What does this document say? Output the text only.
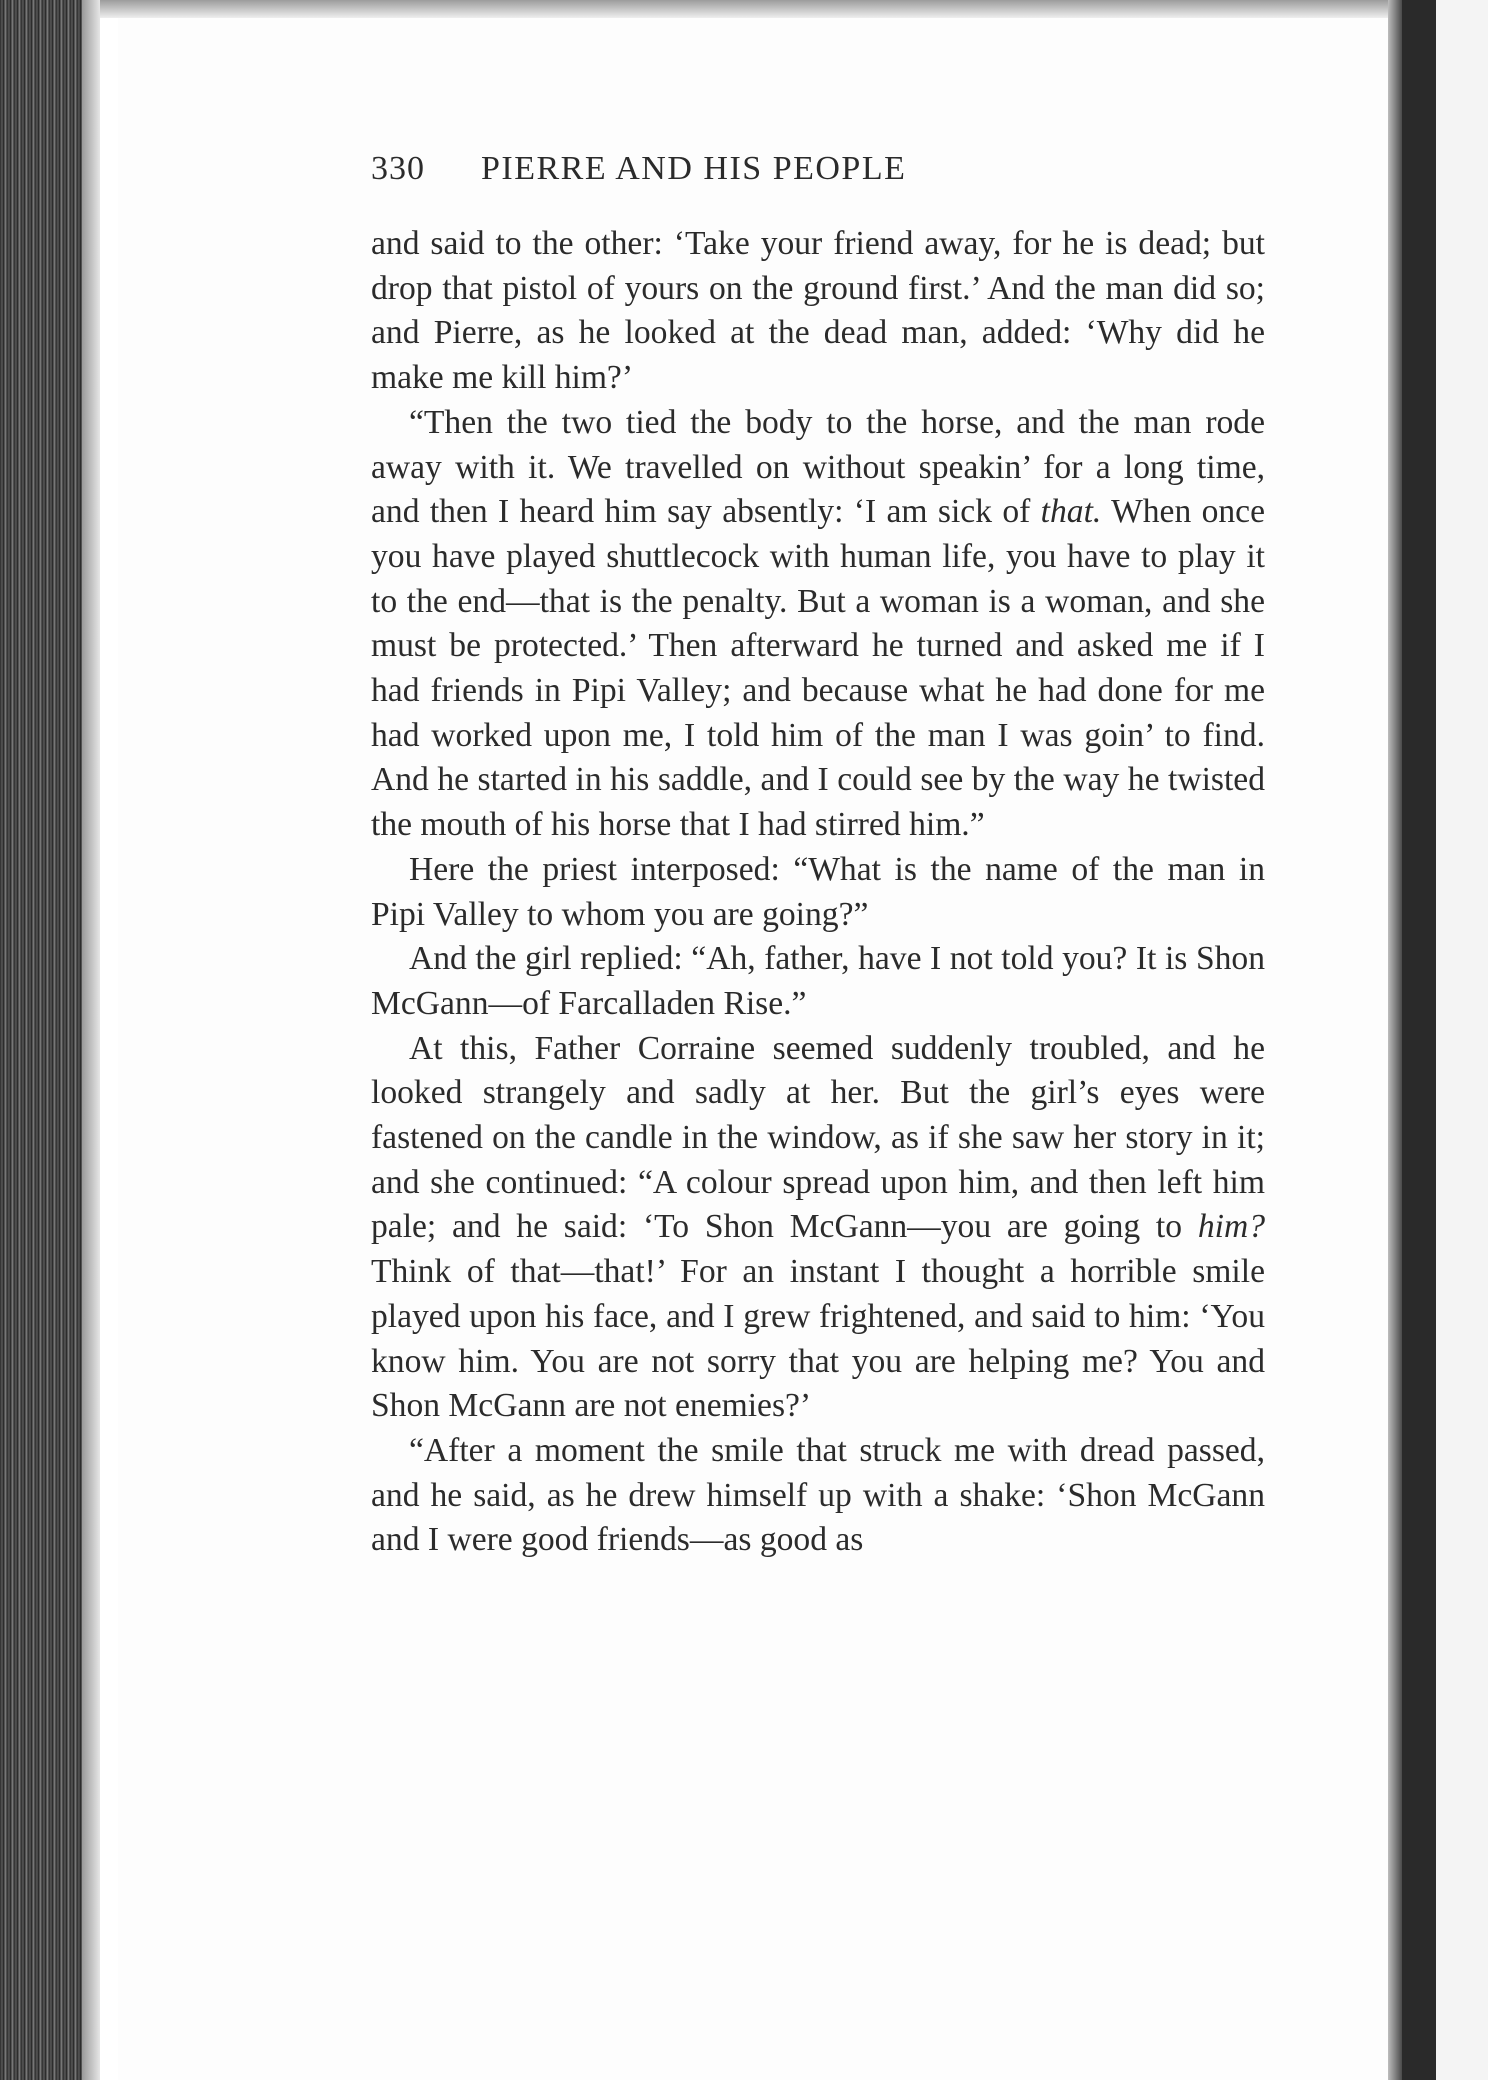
330	PIERRE AND HIS PEOPLE

and said to the other: ‘Take your friend away, for he is dead; but drop that pistol of yours on the ground first.’ And the man did so; and Pierre, as he looked at the dead man, added: ‘Why did he make me kill him?’

“Then the two tied the body to the horse, and the man rode away with it. We travelled on without speakin’ for a long time, and then I heard him say absently: ‘I am sick of that. When once you have played shuttlecock with human life, you have to play it to the end—that is the penalty. But a woman is a woman, and she must be protected.’ Then afterward he turned and asked me if I had friends in Pipi Valley; and because what he had done for me had worked upon me, I told him of the man I was goin’ to find. And he started in his saddle, and I could see by the way he twisted the mouth of his horse that I had stirred him.”

Here the priest interposed: “What is the name of the man in Pipi Valley to whom you are going?”

And the girl replied: “Ah, father, have I not told you? It is Shon McGann—of Farcalladen Rise.”

At this, Father Corraine seemed suddenly troubled, and he looked strangely and sadly at her. But the girl’s eyes were fastened on the candle in the window, as if she saw her story in it; and she continued: “A colour spread upon him, and then left him pale; and he said: ‘To Shon McGann—you are going to him? Think of that—that!’ For an instant I thought a horrible smile played upon his face, and I grew frightened, and said to him: ‘You know him. You are not sorry that you are helping me? You and Shon McGann are not enemies?’

“After a moment the smile that struck me with dread passed, and he said, as he drew himself up with a shake: ‘Shon McGann and I were good friends—as good as
